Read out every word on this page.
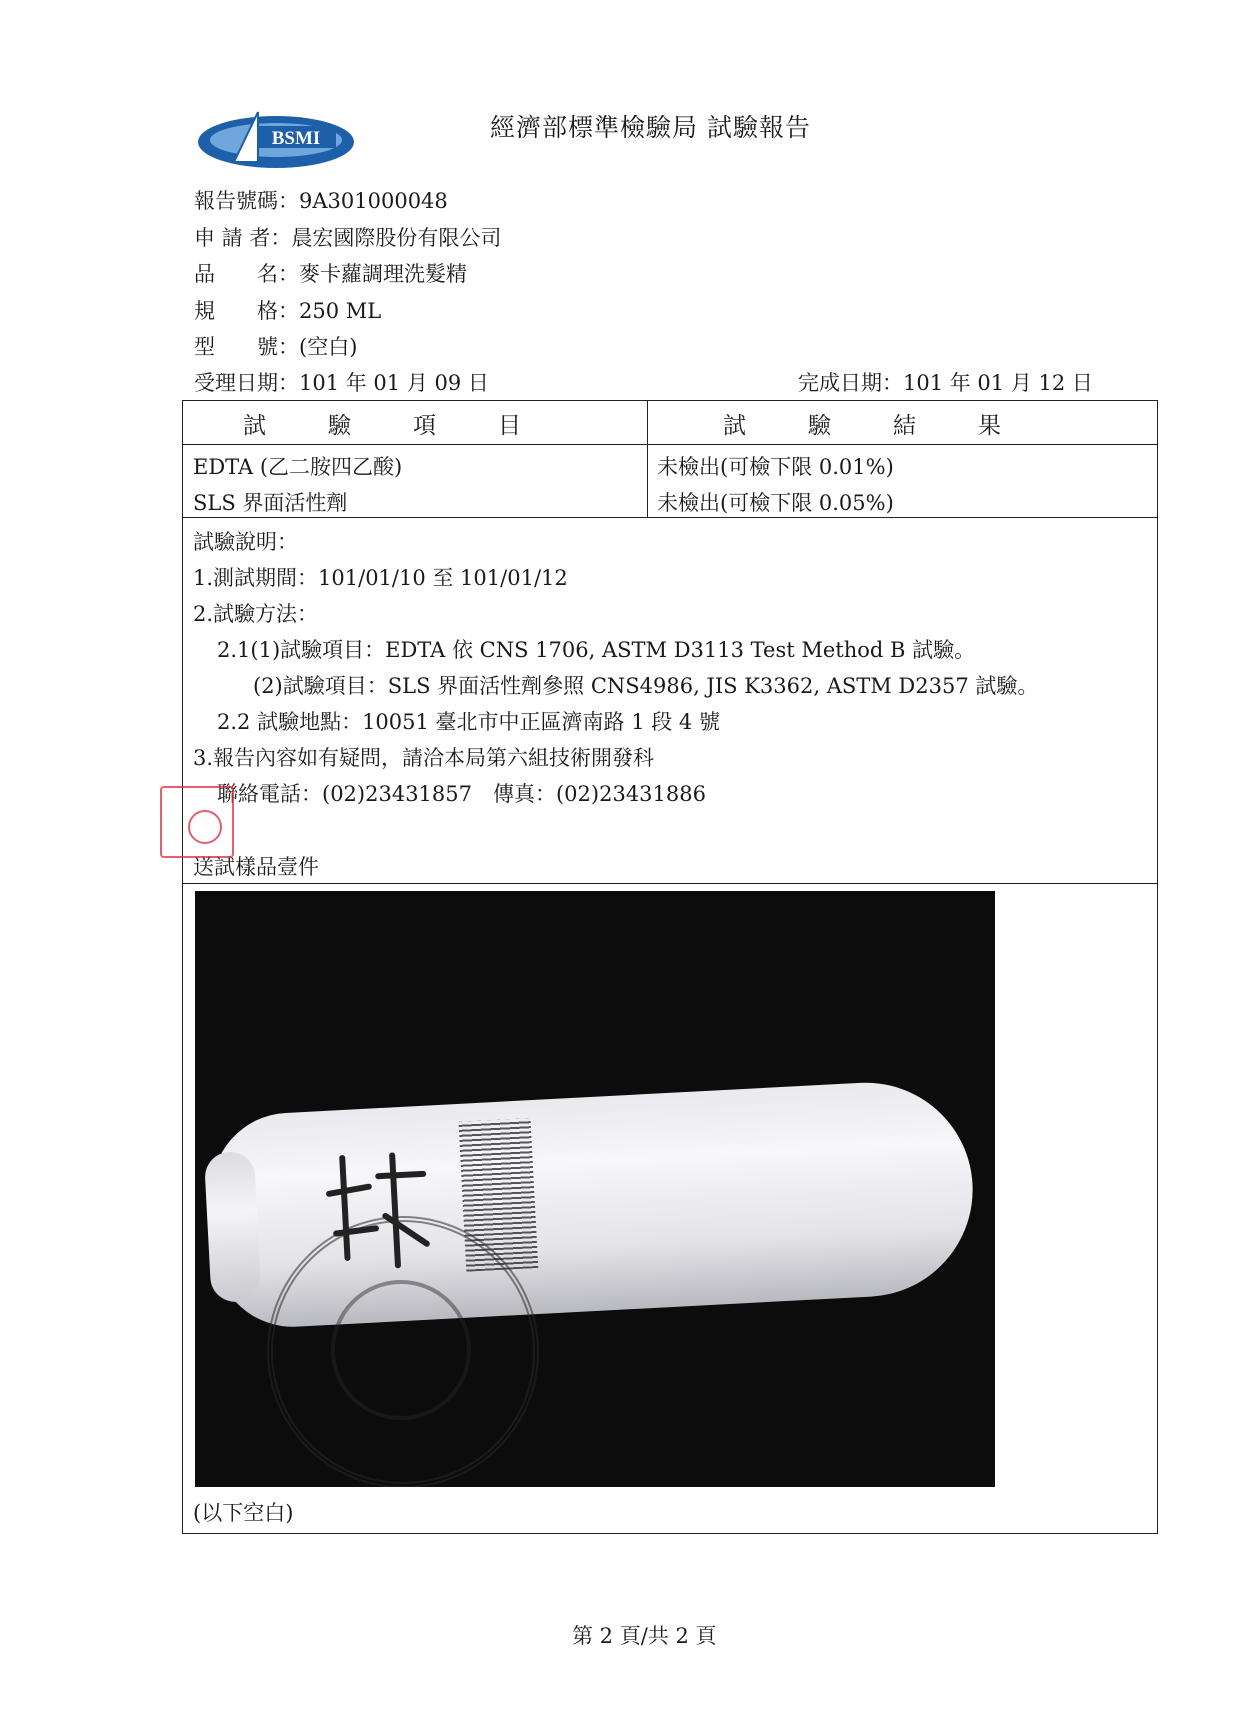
BSMI	經濟部標準檢驗局 試驗報告
報告號碼：9A301000048
申 請 者：晨宏國際股份有限公司
品　　名：麥卡蘿調理洗髮精
規　　格：250 ML
型　　號：(空白)
受理日期：101 年 01 月 09 日	完成日期：101 年 01 月 12 日
試驗項目	試驗結果
EDTA (乙二胺四乙酸)	未檢出(可檢下限 0.01%)
SLS 界面活性劑	未檢出(可檢下限 0.05%)
試驗說明：
1.測試期間：101/01/10 至 101/01/12
2.試驗方法：
2.1(1)試驗項目：EDTA 依 CNS 1706, ASTM D3113 Test Method B 試驗。
(2)試驗項目：SLS 界面活性劑參照 CNS4986, JIS K3362, ASTM D2357 試驗。
2.2 試驗地點：10051 臺北市中正區濟南路 1 段 4 號
3.報告內容如有疑問，請洽本局第六組技術開發科
聯絡電話：(02)23431857　傳真：(02)23431886
送試樣品壹件
(以下空白)
第 2 頁/共 2 頁
